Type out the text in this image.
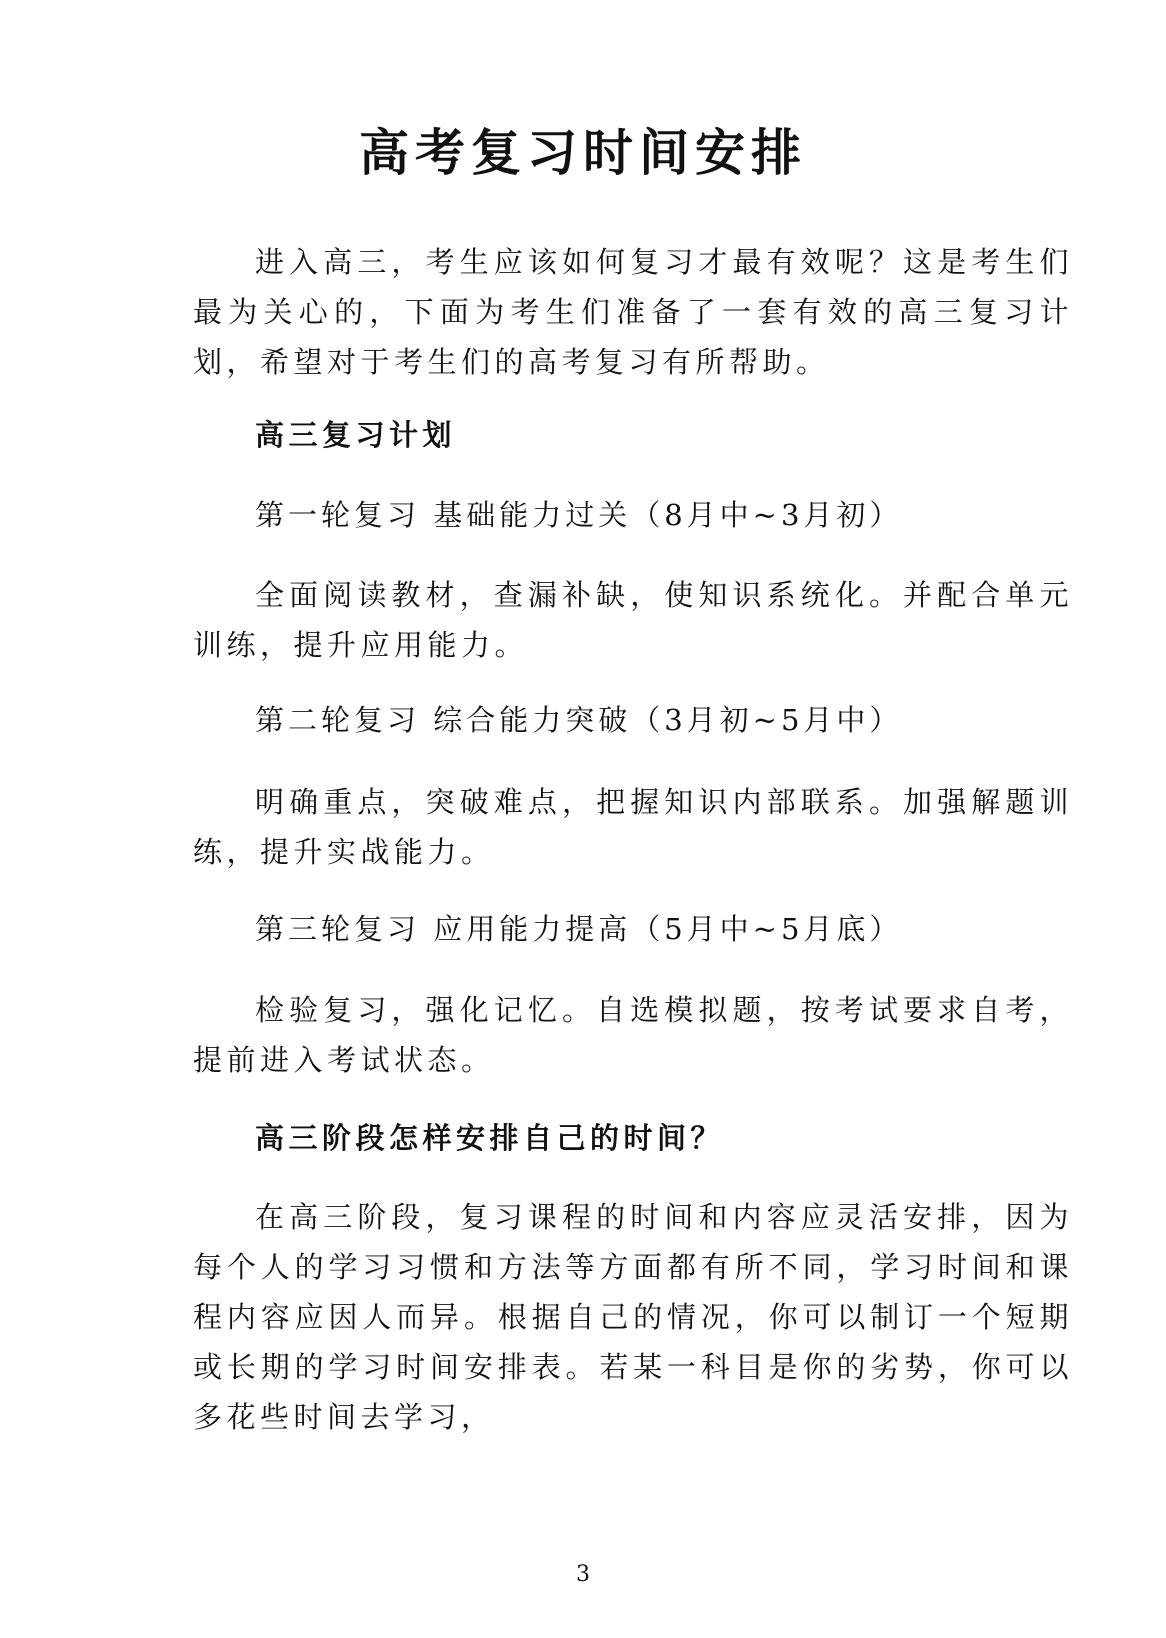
高考复习时间安排

进入高三，考生应该如何复习才最有效呢？这是考生们最为关心的，下面为考生们准备了一套有效的高三复习计划，希望对于考生们的高考复习有所帮助。

高三复习计划

第一轮复习 基础能力过关（8月中~3月初）

全面阅读教材，查漏补缺，使知识系统化。并配合单元训练，提升应用能力。

第二轮复习 综合能力突破（3月初~5月中）

明确重点，突破难点，把握知识内部联系。加强解题训练，提升实战能力。

第三轮复习 应用能力提高（5月中~5月底）

检验复习，强化记忆。自选模拟题，按考试要求自考，提前进入考试状态。

高三阶段怎样安排自己的时间？

在高三阶段，复习课程的时间和内容应灵活安排，因为每个人的学习习惯和方法等方面都有所不同，学习时间和课程内容应因人而异。根据自己的情况，你可以制订一个短期或长期的学习时间安排表。若某一科目是你的劣势，你可以多花些时间去学习，

3
